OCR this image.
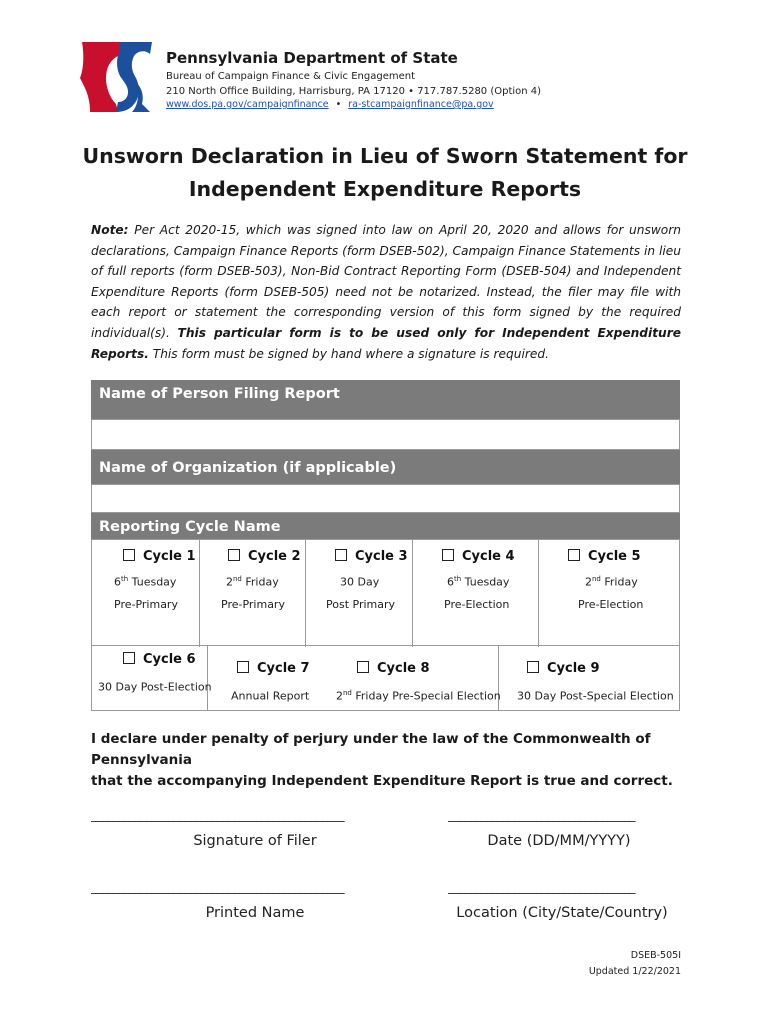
Pennsylvania Department of State
Bureau of Campaign Finance & Civic Engagement
210 North Office Building, Harrisburg, PA 17120 • 717.787.5280 (Option 4)
www.dos.pa.gov/campaignfinance • ra-stcampaignfinance@pa.gov
Unsworn Declaration in Lieu of Sworn Statement for
Independent Expenditure Reports
Note: Per Act 2020-15, which was signed into law on April 20, 2020 and allows for unsworn declarations, Campaign Finance Reports (form DSEB-502), Campaign Finance Statements in lieu of full reports (form DSEB-503), Non-Bid Contract Reporting Form (DSEB-504) and Independent Expenditure Reports (form DSEB-505) need not be notarized. Instead, the filer may file with each report or statement the corresponding version of this form signed by the required individual(s). This particular form is to be used only for Independent Expenditure Reports. This form must be signed by hand where a signature is required.
Name of Person Filing Report
Name of Organization (if applicable)
Reporting Cycle Name
Cycle 1
6th Tuesday
Pre-Primary
Cycle 2
2nd Friday
Pre-Primary
Cycle 3
30 Day
Post Primary
Cycle 4
6th Tuesday
Pre-Election
Cycle 5
2nd Friday
Pre-Election
Cycle 6
30 Day Post-Election
Cycle 7
Annual Report
Cycle 8
2nd Friday Pre-Special Election
Cycle 9
30 Day Post-Special Election
I declare under penalty of perjury under the law of the Commonwealth of Pennsylvania
that the accompanying Independent Expenditure Report is true and correct.
______________________________________________	__________________________________
Signature of Filer	Date (DD/MM/YYYY)
______________________________________________	__________________________________
Printed Name	Location (City/State/Country)
DSEB-505I
Updated 1/22/2021
